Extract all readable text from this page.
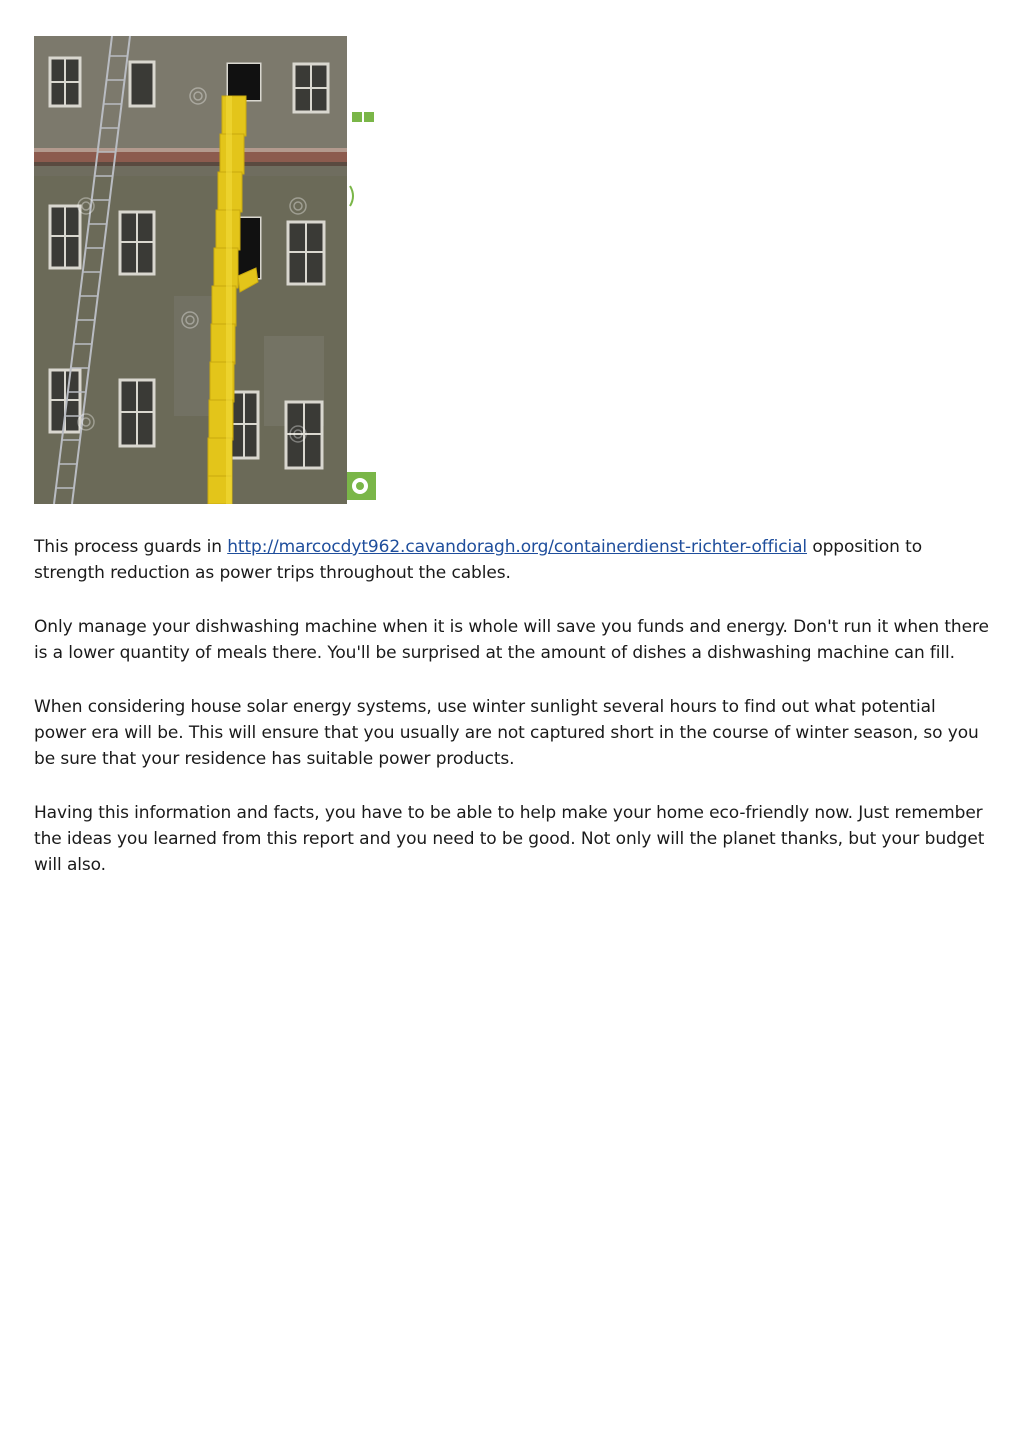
This process guards in http://marcocdyt962.cavandoragh.org/containerdienst-richter-official opposition to strength reduction as power trips throughout the cables.

Only manage your dishwashing machine when it is whole will save you funds and energy. Don't run it when there is a lower quantity of meals there. You'll be surprised at the amount of dishes a dishwashing machine can fill.

When considering house solar energy systems, use winter sunlight several hours to find out what potential power era will be. This will ensure that you usually are not captured short in the course of winter season, so you be sure that your residence has suitable power products.

Having this information and facts, you have to be able to help make your home eco-friendly now. Just remember the ideas you learned from this report and you need to be good. Not only will the planet thanks, but your budget will also.
